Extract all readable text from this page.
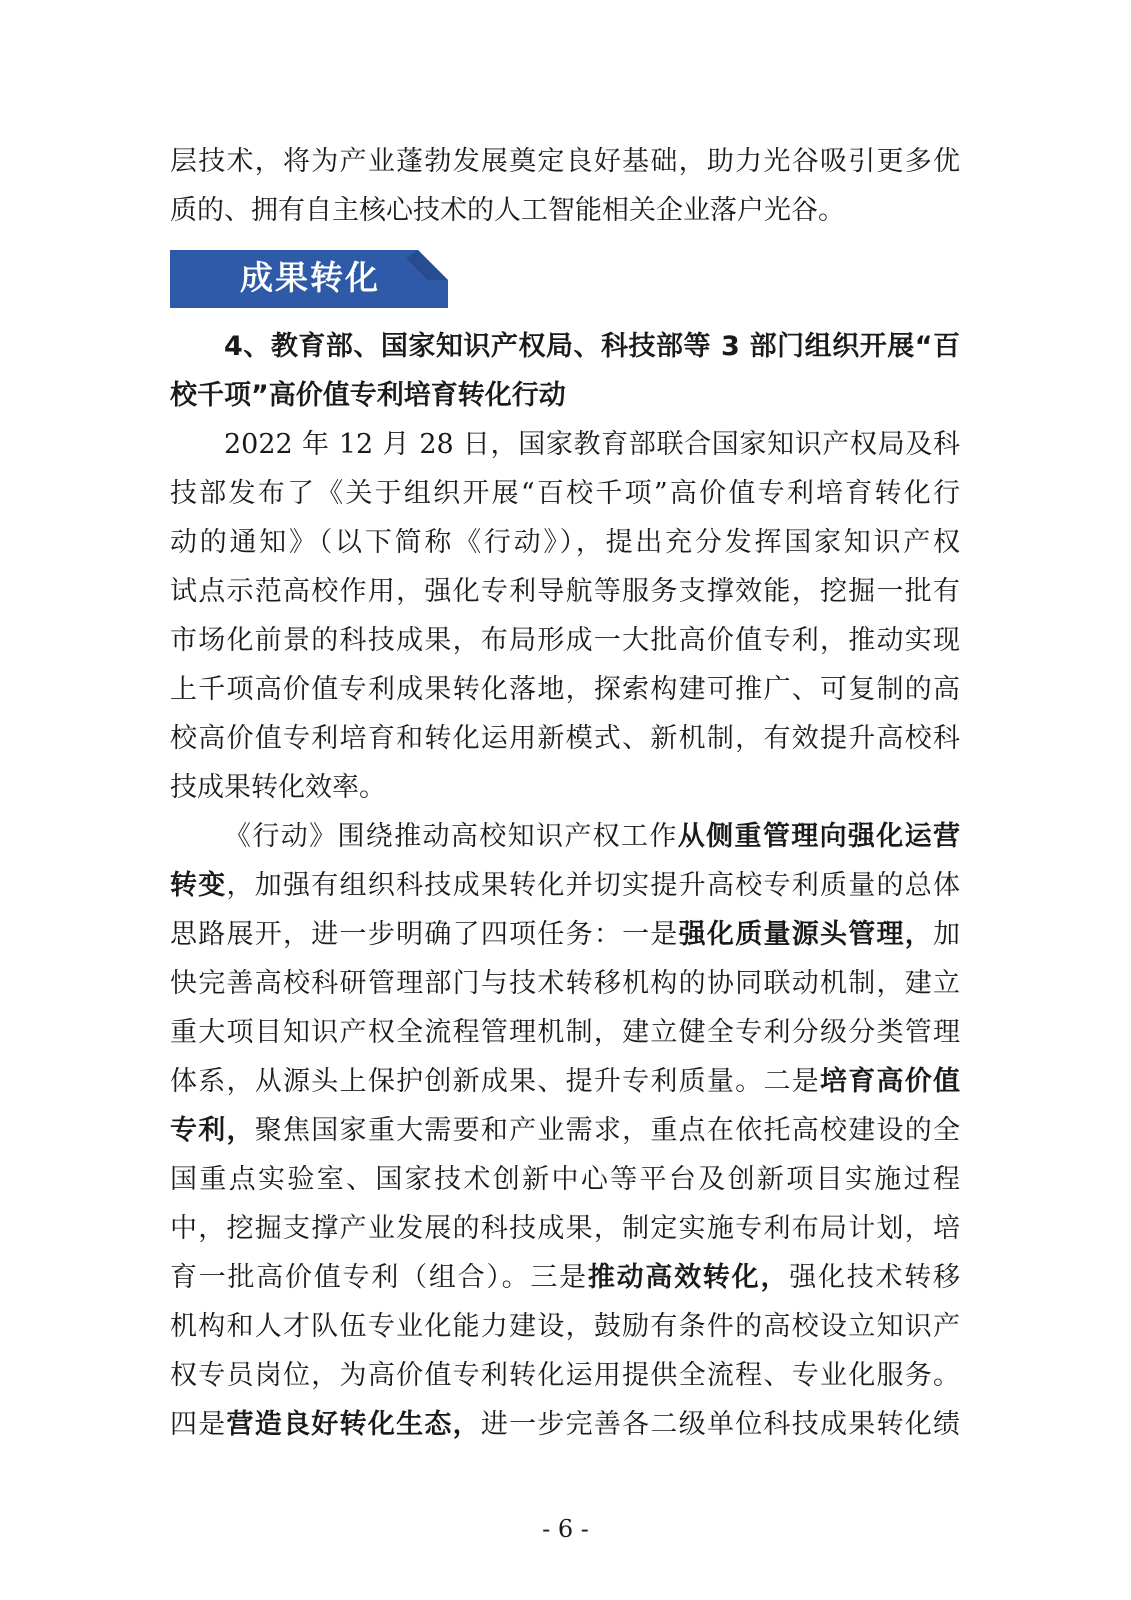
层技术，将为产业蓬勃发展奠定良好基础，助力光谷吸引更多优
质的、拥有自主核心技术的人工智能相关企业落户光谷。
4、教育部、国家知识产权局、科技部等 3 部门组织开展“百
校千项”高价值专利培育转化行动
2022 年 12 月 28 日，国家教育部联合国家知识产权局及科
技部发布了《关于组织开展“百校千项”高价值专利培育转化行
动的通知》（以下简称《行动》），提出充分发挥国家知识产权
试点示范高校作用，强化专利导航等服务支撑效能，挖掘一批有
市场化前景的科技成果，布局形成一大批高价值专利，推动实现
上千项高价值专利成果转化落地，探索构建可推广、可复制的高
校高价值专利培育和转化运用新模式、新机制，有效提升高校科
技成果转化效率。
《行动》围绕推动高校知识产权工作从侧重管理向强化运营
转变，加强有组织科技成果转化并切实提升高校专利质量的总体
思路展开，进一步明确了四项任务：一是强化质量源头管理，加
快完善高校科研管理部门与技术转移机构的协同联动机制，建立
重大项目知识产权全流程管理机制，建立健全专利分级分类管理
体系，从源头上保护创新成果、提升专利质量。二是培育高价值
专利，聚焦国家重大需要和产业需求，重点在依托高校建设的全
国重点实验室、国家技术创新中心等平台及创新项目实施过程
中，挖掘支撑产业发展的科技成果，制定实施专利布局计划，培
育一批高价值专利（组合）。三是推动高效转化，强化技术转移
机构和人才队伍专业化能力建设，鼓励有条件的高校设立知识产
权专员岗位，为高价值专利转化运用提供全流程、专业化服务。
四是营造良好转化生态，进一步完善各二级单位科技成果转化绩
成果转化
- 6 -
